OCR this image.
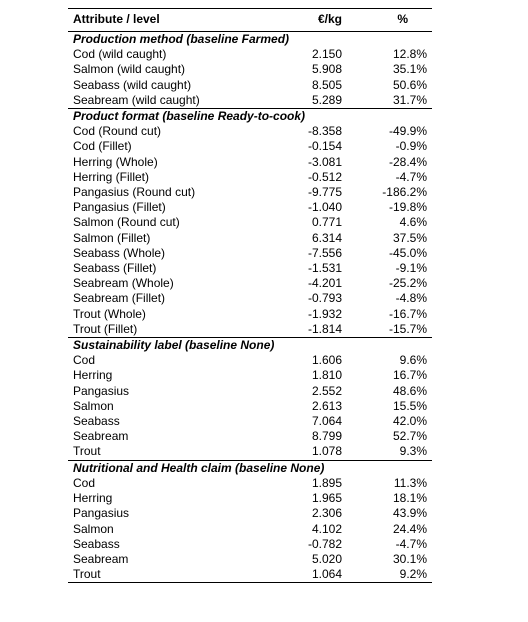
Attribute / level	€/kg	%
Production method (baseline Farmed)		
Cod (wild caught)	2.150	12.8%
Salmon (wild caught)	5.908	35.1%
Seabass (wild caught)	8.505	50.6%
Seabream (wild caught)	5.289	31.7%
Product format (baseline Ready-to-cook)		
Cod (Round cut)	-8.358	-49.9%
Cod (Fillet)	-0.154	-0.9%
Herring (Whole)	-3.081	-28.4%
Herring (Fillet)	-0.512	-4.7%
Pangasius (Round cut)	-9.775	-186.2%
Pangasius (Fillet)	-1.040	-19.8%
Salmon (Round cut)	0.771	4.6%
Salmon (Fillet)	6.314	37.5%
Seabass (Whole)	-7.556	-45.0%
Seabass (Fillet)	-1.531	-9.1%
Seabream (Whole)	-4.201	-25.2%
Seabream (Fillet)	-0.793	-4.8%
Trout (Whole)	-1.932	-16.7%
Trout (Fillet)	-1.814	-15.7%
Sustainability label (baseline None)		
Cod	1.606	9.6%
Herring	1.810	16.7%
Pangasius	2.552	48.6%
Salmon	2.613	15.5%
Seabass	7.064	42.0%
Seabream	8.799	52.7%
Trout	1.078	9.3%
Nutritional and Health claim (baseline None)		
Cod	1.895	11.3%
Herring	1.965	18.1%
Pangasius	2.306	43.9%
Salmon	4.102	24.4%
Seabass	-0.782	-4.7%
Seabream	5.020	30.1%
Trout	1.064	9.2%
